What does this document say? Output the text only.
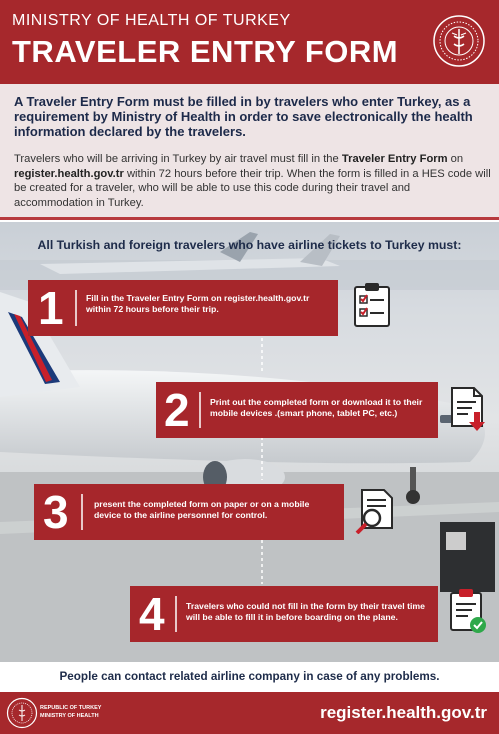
MINISTRY OF HEALTH OF TURKEY
TRAVELER ENTRY FORM
A Traveler Entry Form must be filled in by travelers who enter Turkey, as a requirement by Ministry of Health in order to save electronically the health information declared by the travelers.
Travelers who will be arriving in Turkey by air travel must fill in the Traveler Entry Form on register.health.gov.tr within 72 hours before their trip. When the form is filled in a HES code will be created for a traveler, who will be able to use this code during their travel and accommodation in Turkey.
All Turkish and foreign travelers who have airline tickets to Turkey must:
1	Fill in the Traveler Entry Form on register.health.gov.tr within 72 hours before their trip.
2 Print out the completed form or download it to their mobile devices .(smart phone, tablet PC, etc.)
3	present the completed form on paper or on a mobile device to the airline personnel for control.
4 Travelers who could not fill in the form by their travel time will be able to fill it in before boarding on the plane.
People can contact related airline company in case of any problems.
REPUBLIC OF TURKEY
MINISTRY OF HEALTH	register.health.gov.tr
